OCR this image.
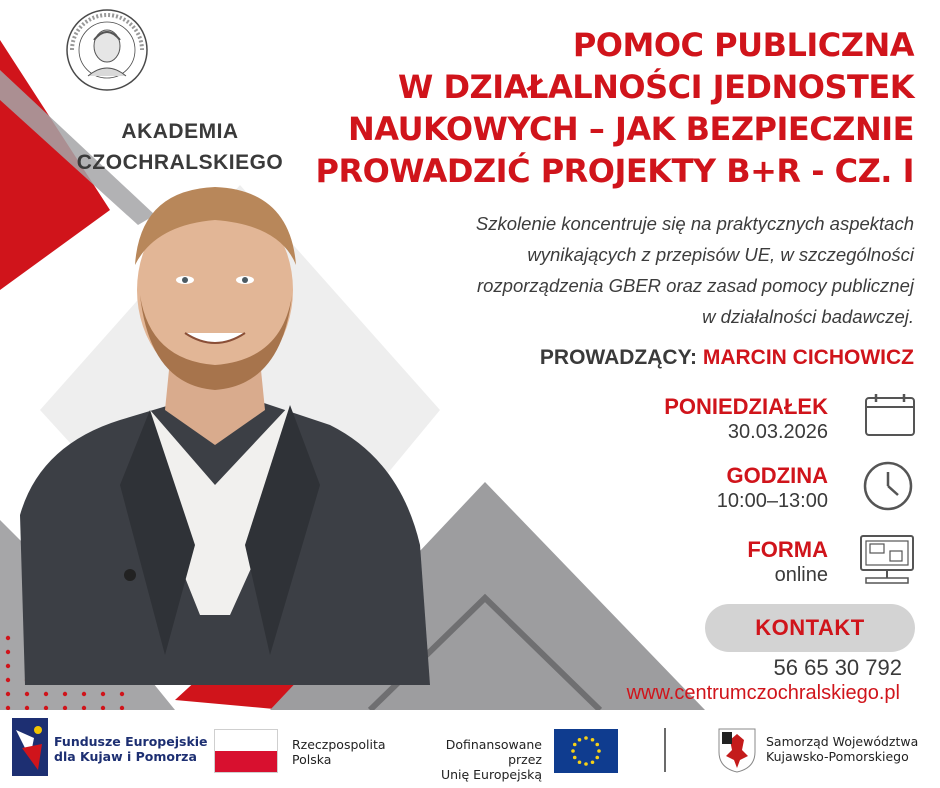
AKADEMIA
CZOCHRALSKIEGO
POMOC PUBLICZNA
W DZIAŁALNOŚCI JEDNOSTEK
NAUKOWYCH – JAK BEZPIECZNIE
PROWADZIĆ PROJEKTY B+R - CZ. I
Szkolenie koncentruje się na praktycznych aspektach
wynikających z przepisów UE, w szczególności
rozporządzenia GBER oraz zasad pomocy publicznej
w działalności badawczej.
PROWADZĄCY: MARCIN CICHOWICZ
PONIEDZIAŁEK
30.03.2026
GODZINA
10:00–13:00
FORMA
online
KONTAKT
56 65 30 792
www.centrumczochralskiego.pl
Fundusze Europejskie
dla Kujaw i Pomorza
Rzeczpospolita
Polska
Dofinansowane przez
Unię Europejską
Samorząd Województwa
Kujawsko-Pomorskiego
